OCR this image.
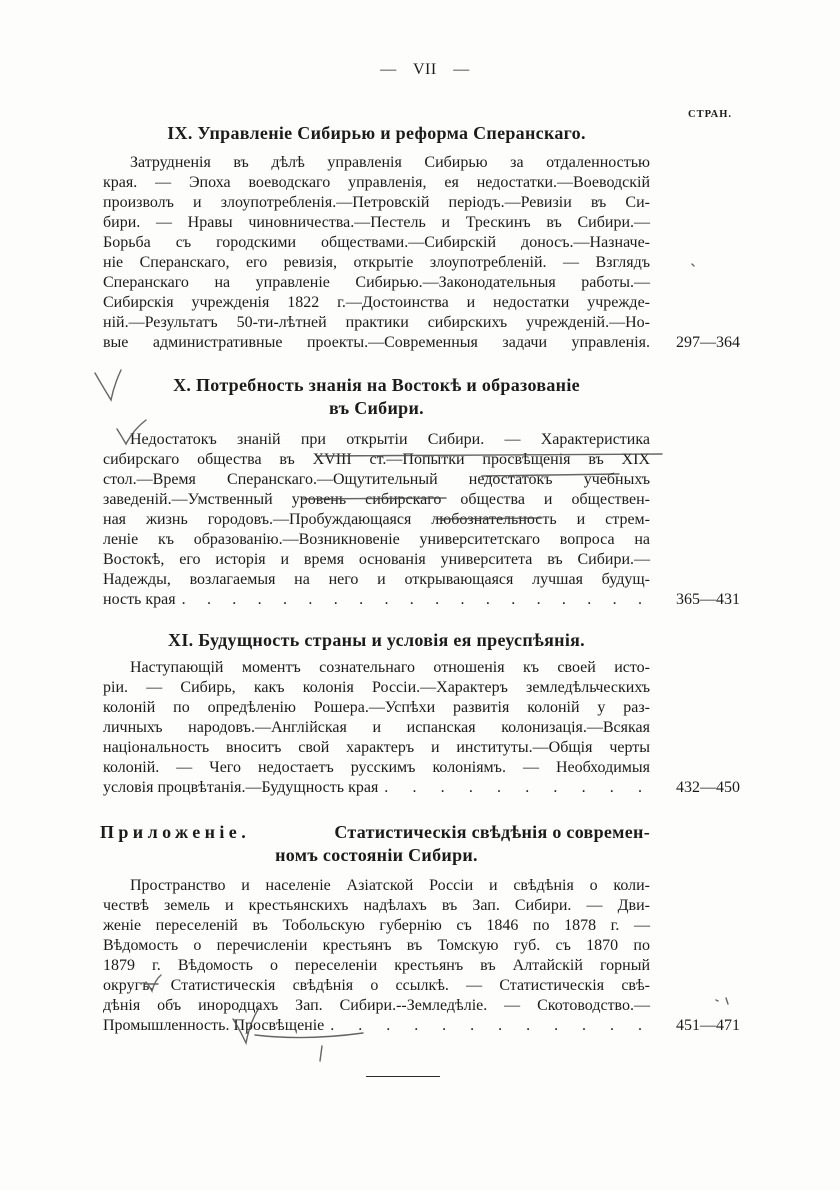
— VII —
СТРАН.
IX. Управленіе Сибирью и реформа Сперанскаго.
Затрудненія въ дѣлѣ управленія Сибирью за отдаленностью
края. — Эпоха воеводскаго управленія, ея недостатки.—Воеводскій
произволъ и злоупотребленія.—Петровскій періодъ.—Ревизіи въ Си-
бири. — Нравы чиновничества.—Пестель и Трескинъ въ Сибири.—
Борьба съ городскими обществами.—Сибирскій доносъ.—Назначе-
ніе Сперанскаго, его ревизія, открытіе злоупотребленій. — Взглядъ
Сперанскаго на управленіе Сибирью.—Законодательныя работы.—
Сибирскія учрежденія 1822 г.—Достоинства и недостатки учрежде-
ній.—Результатъ 50-ти-лѣтней практики сибирскихъ учрежденій.—Но-
вые административные проекты.—Современныя задачи управленія.	297—364
X. Потребность знанія на Востокѣ и образованіе
въ Сибири.
Недостатокъ знаній при открытіи Сибири. — Характеристика
сибирскаго общества въ XVIII ст.—Попытки просвѣщенія въ XIX
стол.—Время Сперанскаго.—Ощутительный недостатокъ учебныхъ
заведеній.—Умственный уровень сибирскаго общества и обществен-
ная жизнь городовъ.—Пробуждающаяся любознательность и стрем-
леніе къ образованію.—Возникновеніе университетскаго вопроса на
Востокѣ, его исторія и время основанія университета въ Сибири.—
Надежды, возлагаемыя на него и открывающаяся лучшая будущ-
ность края . . . . . . . . . . . . . . . . . . .	365—431
XI. Будущность страны и условія ея преуспѣянія.
Наступающій моментъ сознательнаго отношенія къ своей исто-
ріи. — Сибирь, какъ колонія Россіи.—Характеръ земледѣльческихъ
колоній по опредѣленію Рошера.—Успѣхи развитія колоній у раз-
личныхъ народовъ.—Англійская и испанская колонизація.—Всякая
національность вноситъ свой характеръ и институты.—Общія черты
колоній. — Чего недостаетъ русскимъ колоніямъ. — Необходимыя
условія процвѣтанія.—Будущность края . . . . . . . . . .	432—450
Приложеніе.	Статистическія свѣдѣнія о современ-
номъ состояніи Сибири.
Пространство и населеніе Азіатской Россіи и свѣдѣнія о коли-
чествѣ земель и крестьянскихъ надѣлахъ въ Зап. Сибири. — Дви-
женіе переселеній въ Тобольскую губернію съ 1846 по 1878 г. —
Вѣдомость о перечисленіи крестьянъ въ Томскую губ. съ 1870 по
1879 г. Вѣдомость о переселеніи крестьянъ въ Алтайскій горный
округъ. Статистическія свѣдѣнія о ссылкѣ. — Статистическія свѣ-
дѣнія объ инородцахъ Зап. Сибири.--Земледѣліе. — Скотоводство.—
Промышленность. Просвѣщеніе . . . . . . . . . . . .	451—471
